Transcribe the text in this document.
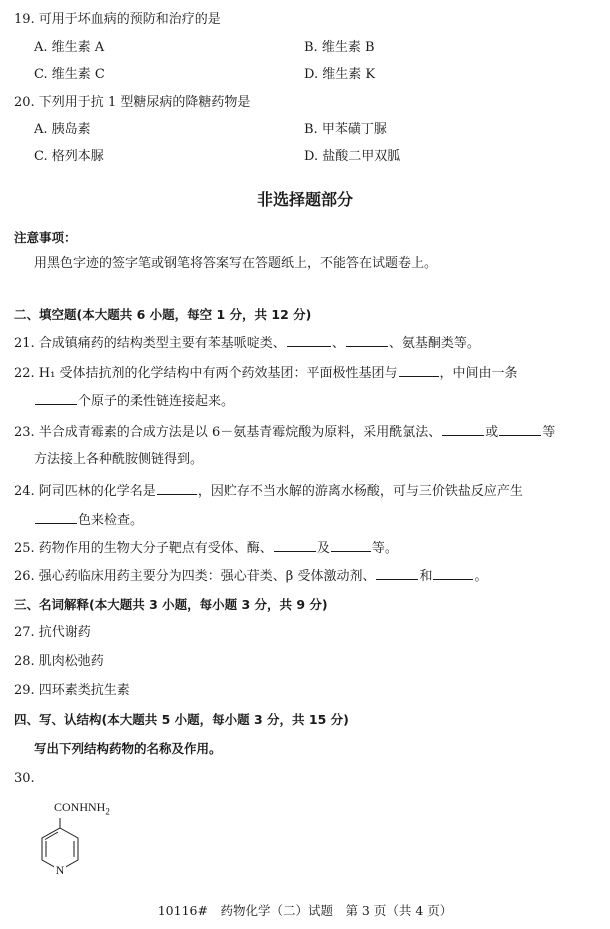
19. 可用于坏血病的预防和治疗的是
A. 维生素 A	B. 维生素 B
C. 维生素 C	D. 维生素 K
20. 下列用于抗 1 型糖尿病的降糖药物是
A. 胰岛素	B. 甲苯磺丁脲
C. 格列本脲	D. 盐酸二甲双胍
非选择题部分
注意事项：
用黑色字迹的签字笔或钢笔将答案写在答题纸上，不能答在试题卷上。
二、填空题(本大题共 6 小题，每空 1 分，共 12 分)
21. 合成镇痛药的结构类型主要有苯基哌啶类、	、	、氨基酮类等。
22. H₁ 受体拮抗剂的化学结构中有两个药效基团：平面极性基团与	，中间由一条
个原子的柔性链连接起来。
23. 半合成青霉素的合成方法是以 6－氨基青霉烷酸为原料，采用酰氯法、	或	等
方法接上各种酰胺侧链得到。
24. 阿司匹林的化学名是	，因贮存不当水解的游离水杨酸，可与三价铁盐反应产生
色来检查。
25. 药物作用的生物大分子靶点有受体、酶、	及	等。
26. 强心药临床用药主要分为四类：强心苷类、β 受体激动剂、	和	。
三、名词解释(本大题共 3 小题，每小题 3 分，共 9 分)
27. 抗代谢药
28. 肌肉松弛药
29. 四环素类抗生素
四、写、认结构(本大题共 5 小题，每小题 3 分，共 15 分)
写出下列结构药物的名称及作用。
30.
$CONHNH_2$
N
10116#　药物化学（二）试题　第 3 页（共 4 页）
